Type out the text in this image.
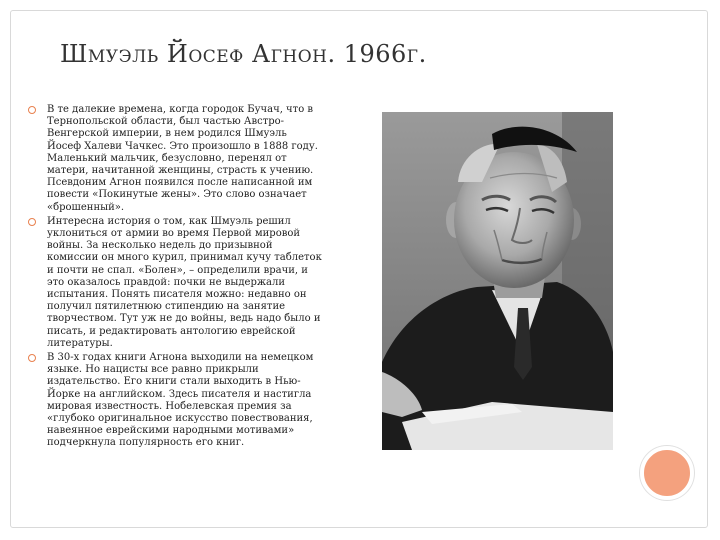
ШМУЭЛЬ ЙОСЕФ АГНОН. 1966Г.
В те далекие времена, когда городок Бучач, что в Тернопольской области, был частью Австро-Венгерской империи, в нем родился Шмуэль Йосеф Халеви Чачкес. Это произошло в 1888 году. Маленький мальчик, безусловно, перенял от матери, начитанной женщины, страсть к учению. Псевдоним Агнон появился после написанной им повести «Покинутые жены». Это слово означает «брошенный».
Интересна история о том, как Шмуэль решил уклониться от армии во время Первой мировой войны. За несколько недель до призывной комиссии он много курил, принимал кучу таблеток и почти не спал. «Болен», – определили врачи, и это оказалось правдой: почки не выдержали испытания. Понять писателя можно: недавно он получил пятилетнюю стипендию на занятие творчеством. Тут уж не до войны, ведь надо было и писать, и редактировать антологию еврейской литературы.
В 30-х годах книги Агнона выходили на немецком языке. Но нацисты все равно прикрыли издательство. Его книги стали выходить в Нью-Йорке на английском. Здесь писателя и настигла мировая известность. Нобелевская премия за «глубоко оригинальное искусство повествования, навеянное еврейскими народными мотивами» подчеркнула популярность его книг.
